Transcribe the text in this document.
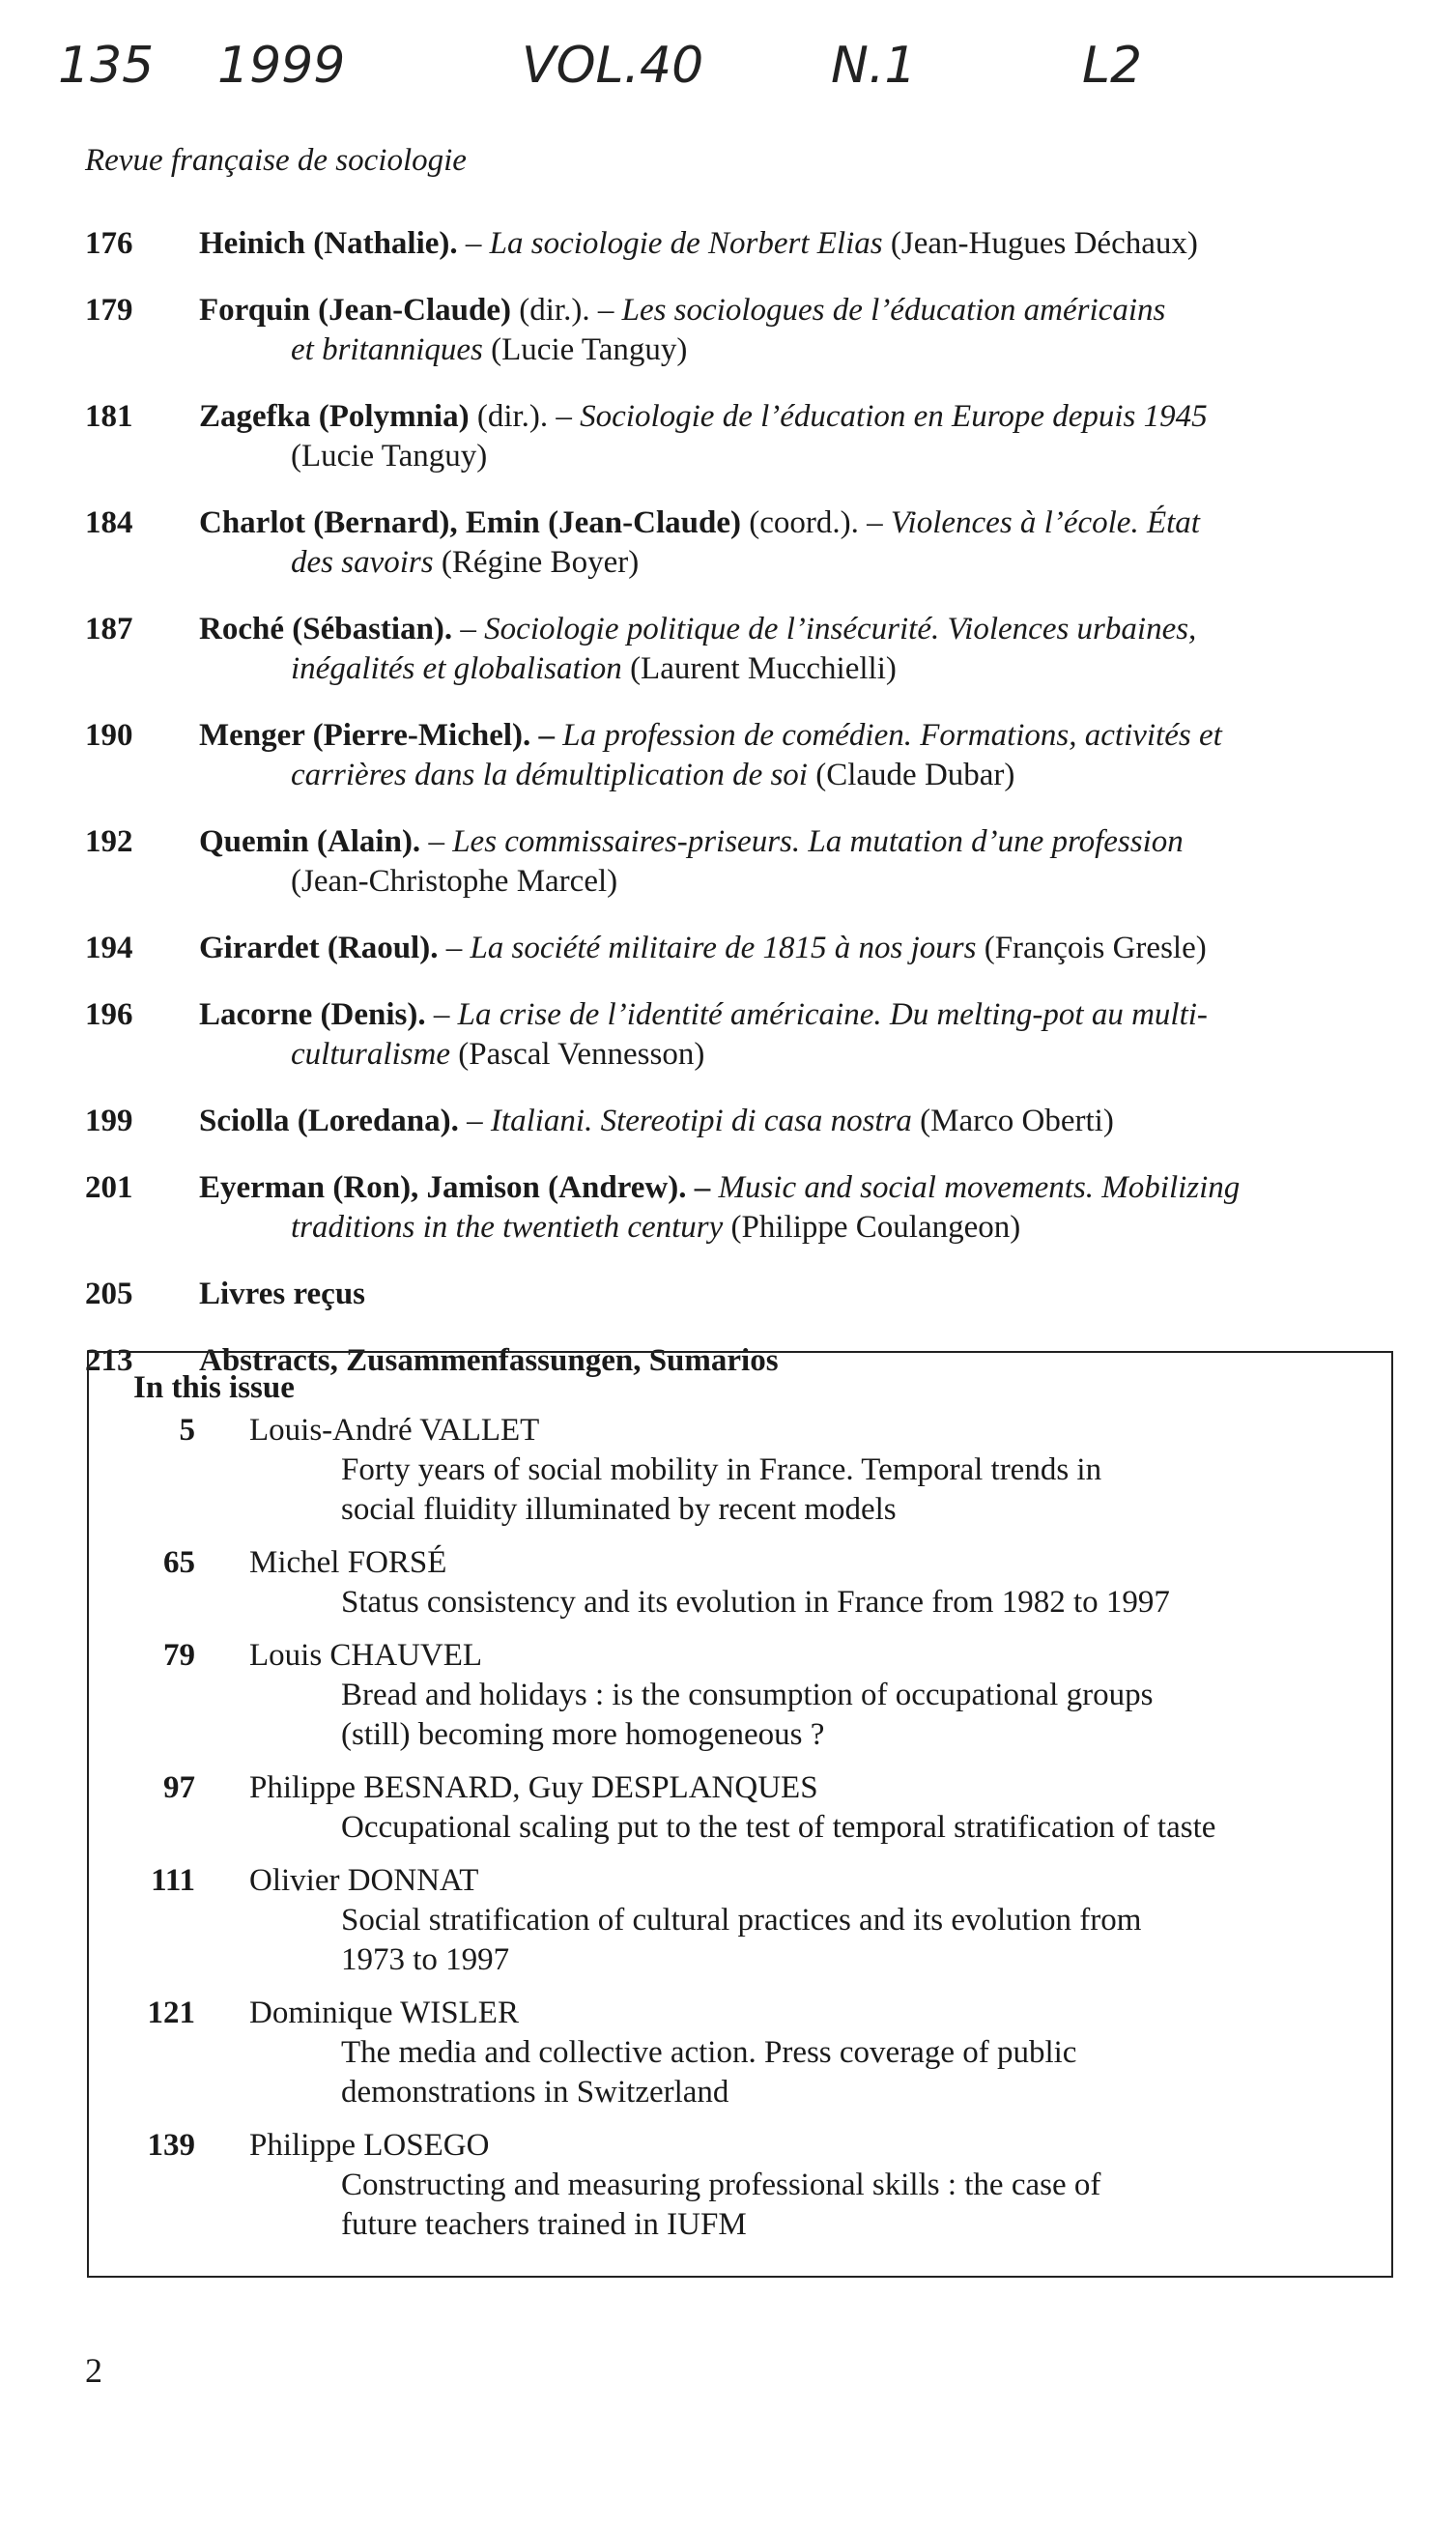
135 1999	VOL.40	N.1	L2
Revue française de sociologie
176	Heinich (Nathalie). – La sociologie de Norbert Elias (Jean-Hugues Déchaux)
179	Forquin (Jean-Claude) (dir.). – Les sociologues de l’éducation américains
et britanniques (Lucie Tanguy)
181	Zagefka (Polymnia) (dir.). – Sociologie de l’éducation en Europe depuis 1945
(Lucie Tanguy)
184	Charlot (Bernard), Emin (Jean-Claude) (coord.). – Violences à l’école. État
des savoirs (Régine Boyer)
187	Roché (Sébastian). – Sociologie politique de l’insécurité. Violences urbaines,
inégalités et globalisation (Laurent Mucchielli)
190	Menger (Pierre-Michel). – La profession de comédien. Formations, activités et
carrières dans la démultiplication de soi (Claude Dubar)
192	Quemin (Alain). – Les commissaires-priseurs. La mutation d’une profession
(Jean-Christophe Marcel)
194	Girardet (Raoul). – La société militaire de 1815 à nos jours (François Gresle)
196	Lacorne (Denis). – La crise de l’identité américaine. Du melting-pot au multi-
culturalisme (Pascal Vennesson)
199	Sciolla (Loredana). – Italiani. Stereotipi di casa nostra (Marco Oberti)
201	Eyerman (Ron), Jamison (Andrew). – Music and social movements. Mobilizing
traditions in the twentieth century (Philippe Coulangeon)
205	Livres reçus
213	Abstracts, Zusammenfassungen, Sumarios
In this issue
5 Louis-André VALLET
Forty years of social mobility in France. Temporal trends in
social fluidity illuminated by recent models
65 Michel FORSÉ
Status consistency and its evolution in France from 1982 to 1997
79 Louis CHAUVEL
Bread and holidays : is the consumption of occupational groups
(still) becoming more homogeneous ?
97 Philippe BESNARD, Guy DESPLANQUES
Occupational scaling put to the test of temporal stratification of taste
111 Olivier DONNAT
Social stratification of cultural practices and its evolution from
1973 to 1997
121 Dominique WISLER
The media and collective action. Press coverage of public
demonstrations in Switzerland
139 Philippe LOSEGO
Constructing and measuring professional skills : the case of
future teachers trained in IUFM
2
